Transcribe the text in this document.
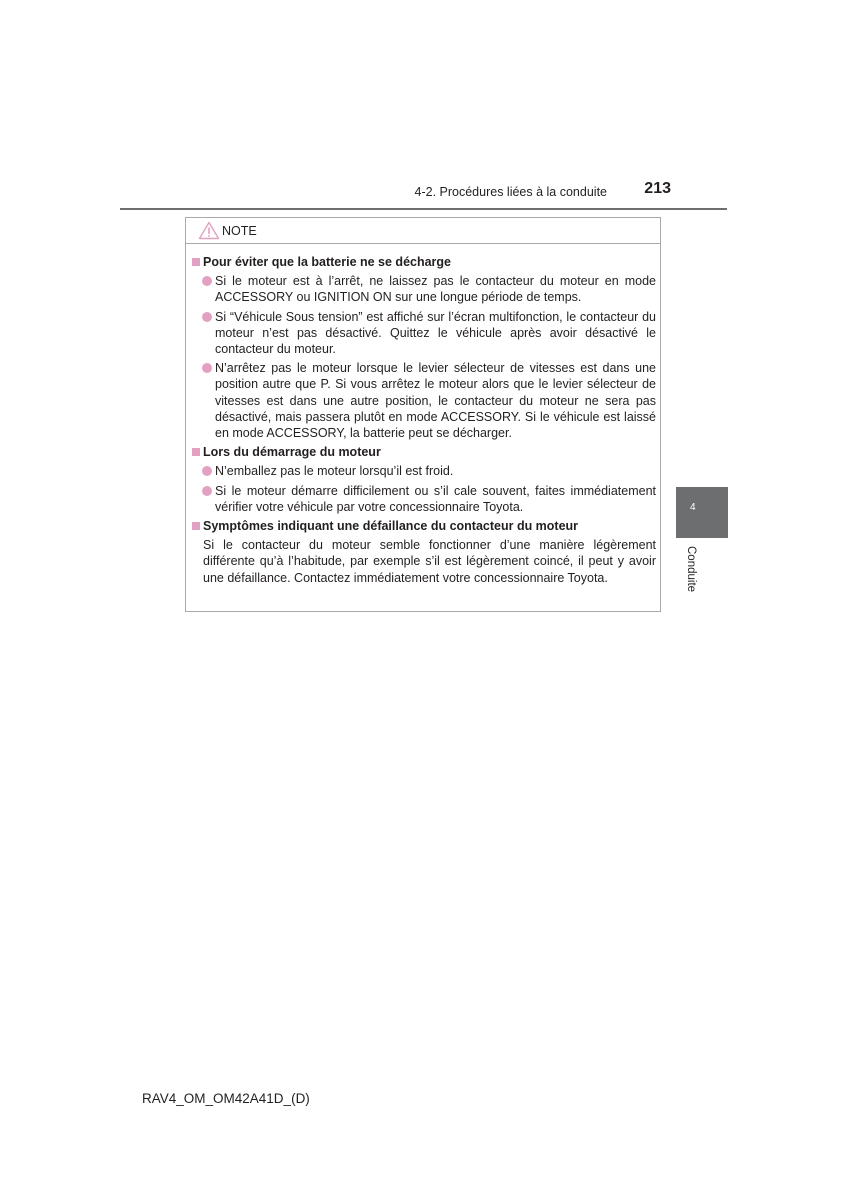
4-2. Procédures liées à la conduite 213
4
Conduite
NOTE
Pour éviter que la batterie ne se décharge
Si le moteur est à l’arrêt, ne laissez pas le contacteur du moteur en mode ACCESSORY ou IGNITION ON sur une longue période de temps.
Si “Véhicule Sous tension” est affiché sur l’écran multifonction, le contacteur du moteur n’est pas désactivé. Quittez le véhicule après avoir désactivé le contacteur du moteur.
N’arrêtez pas le moteur lorsque le levier sélecteur de vitesses est dans une position autre que P. Si vous arrêtez le moteur alors que le levier sélecteur de vitesses est dans une autre position, le contacteur du moteur ne sera pas désactivé, mais passera plutôt en mode ACCESSORY. Si le véhicule est laissé en mode ACCESSORY, la batterie peut se décharger.
Lors du démarrage du moteur
N’emballez pas le moteur lorsqu’il est froid.
Si le moteur démarre difficilement ou s’il cale souvent, faites immédiatement vérifier votre véhicule par votre concessionnaire Toyota.
Symptômes indiquant une défaillance du contacteur du moteur

Si le contacteur du moteur semble fonctionner d’une manière légèrement différente qu’à l’habitude, par exemple s’il est légèrement coincé, il peut y avoir une défaillance. Contactez immédiatement votre concessionnaire Toyota.

RAV4_OM_OM42A41D_(D)
